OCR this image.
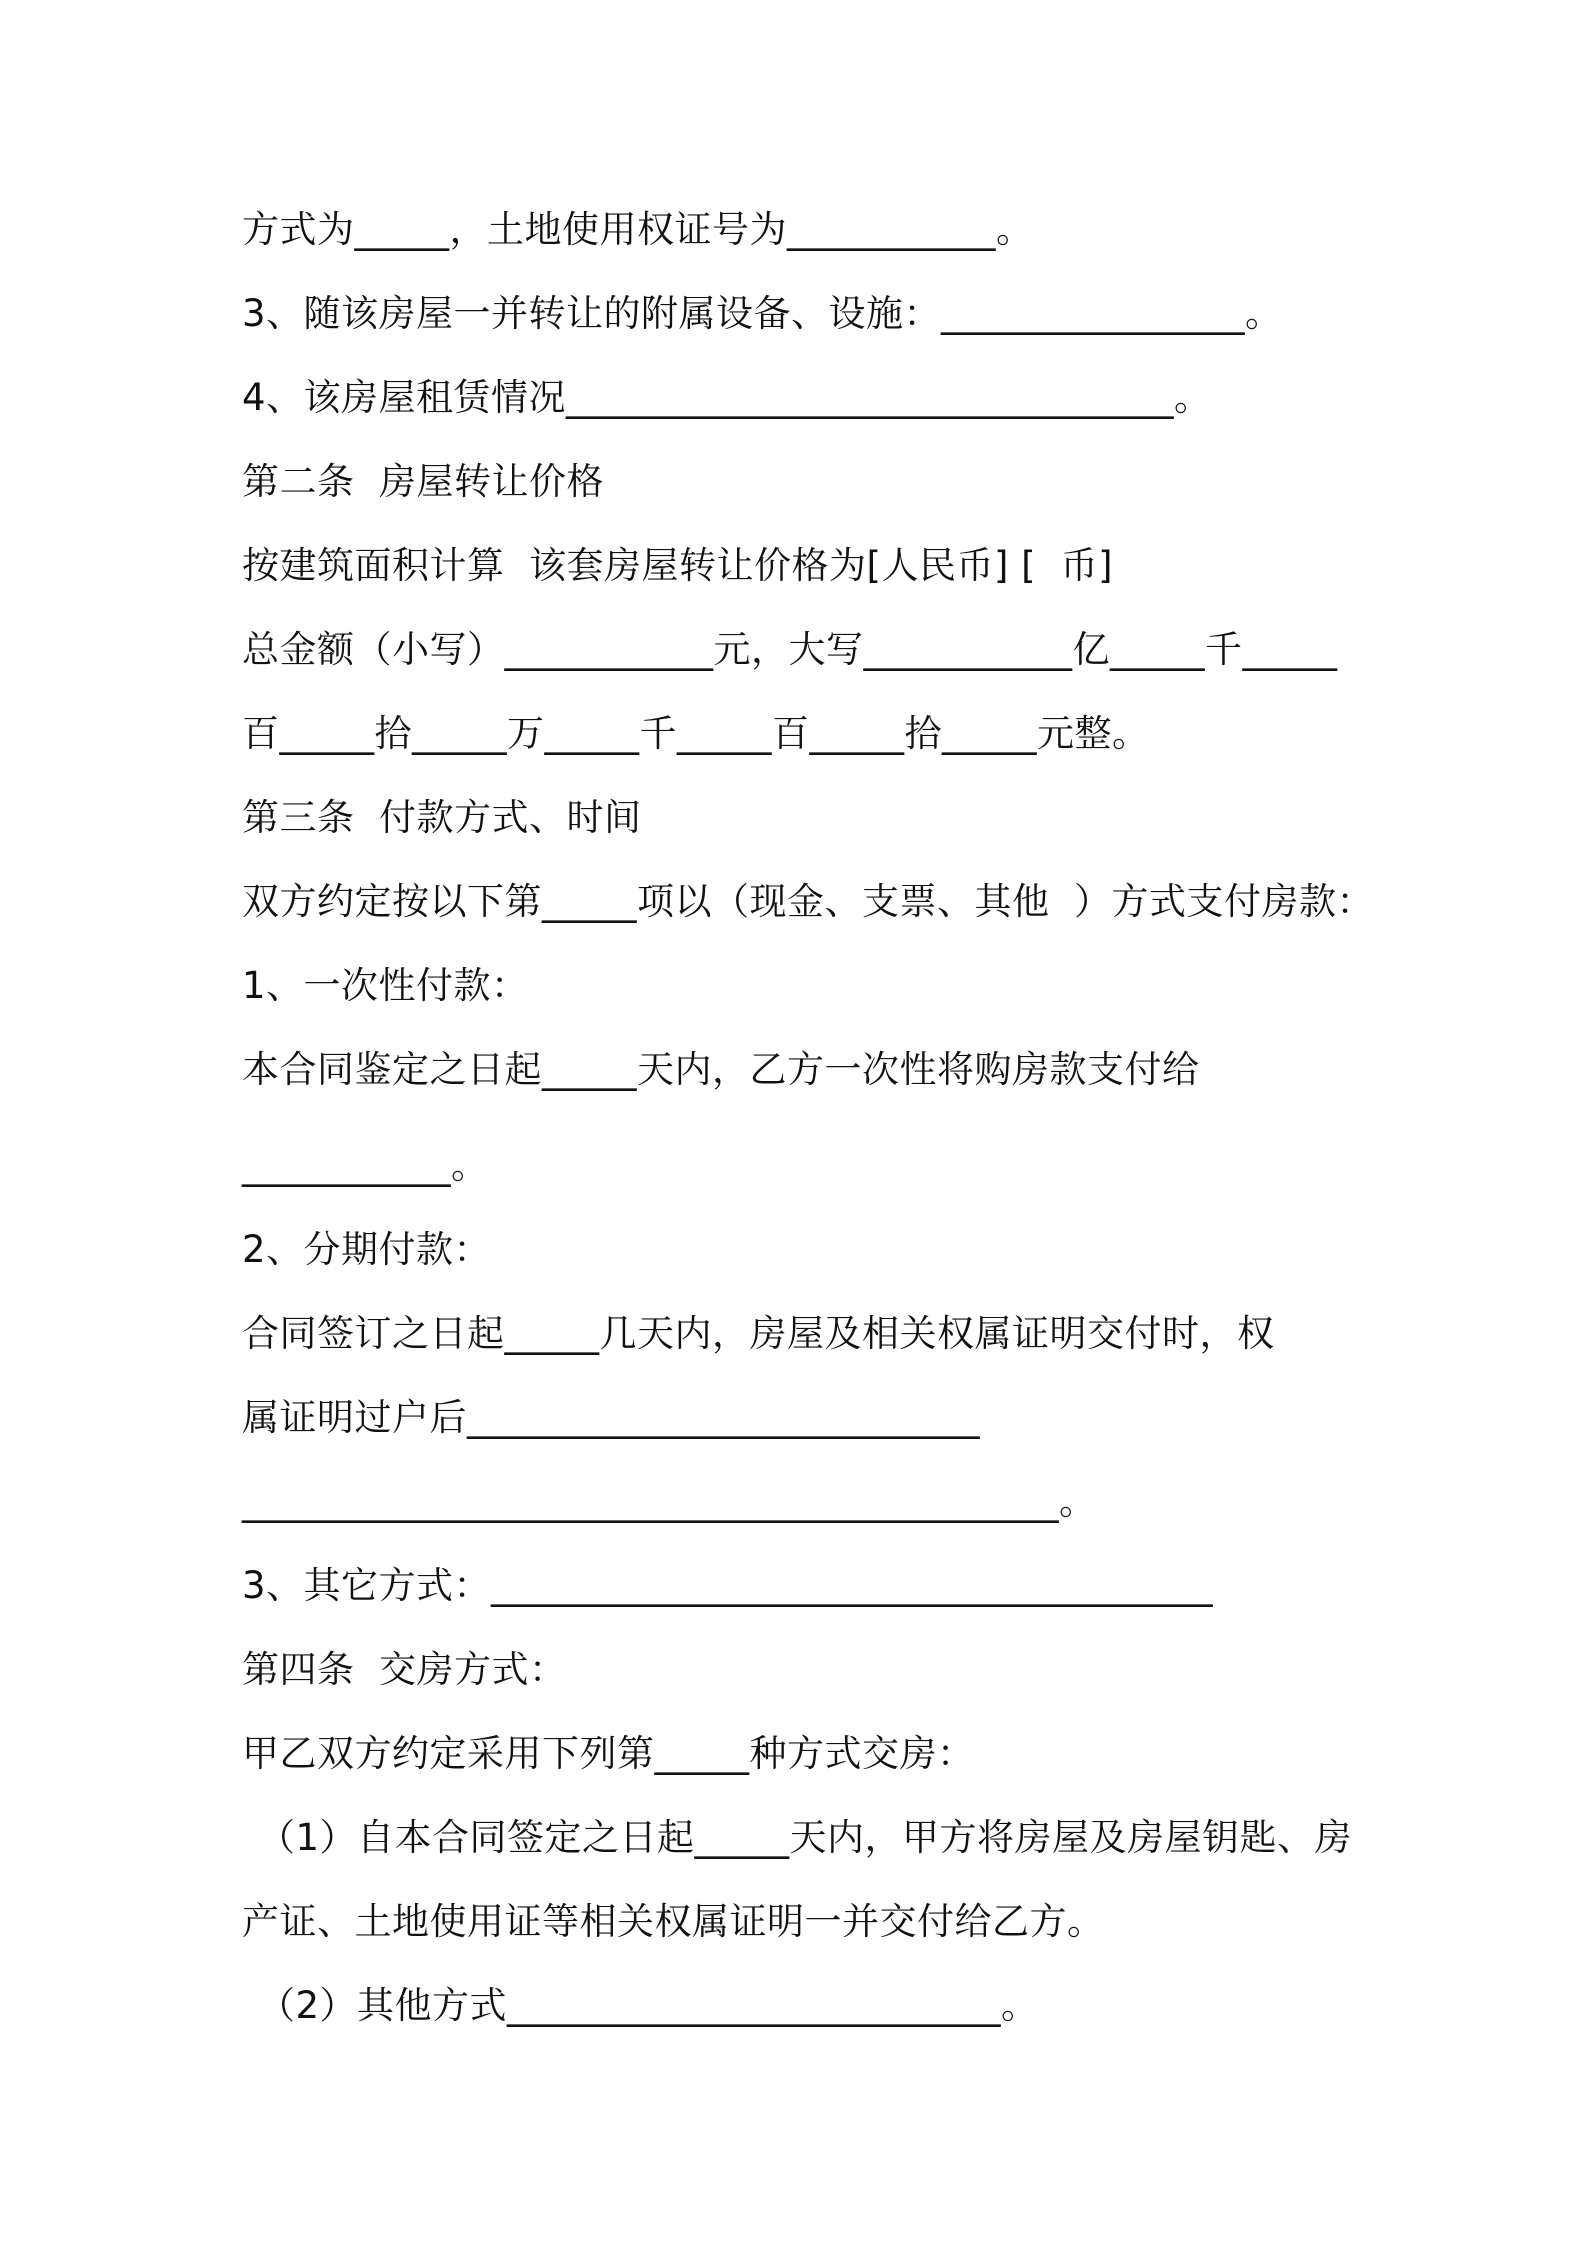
方式为_____，土地使用权证号为___________。
3、随该房屋一并转让的附属设备、设施：________________。
4、该房屋租赁情况________________________________。
第二条  房屋转让价格
按建筑面积计算  该套房屋转让价格为[人民币] [  币]
总金额（小写）___________元，大写___________亿_____千_____
百_____拾_____万_____千_____百_____拾_____元整。
第三条  付款方式、时间
双方约定按以下第_____项以（现金、支票、其他  ）方式支付房款：
1、一次性付款：
本合同鉴定之日起_____天内，乙方一次性将购房款支付给
___________。
2、分期付款：
合同签订之日起_____几天内，房屋及相关权属证明交付时，权
属证明过户后___________________________
___________________________________________。
3、其它方式：______________________________________
第四条  交房方式：
甲乙双方约定采用下列第_____种方式交房：
（1）自本合同签定之日起_____天内，甲方将房屋及房屋钥匙、房
产证、土地使用证等相关权属证明一并交付给乙方。
（2）其他方式__________________________。
